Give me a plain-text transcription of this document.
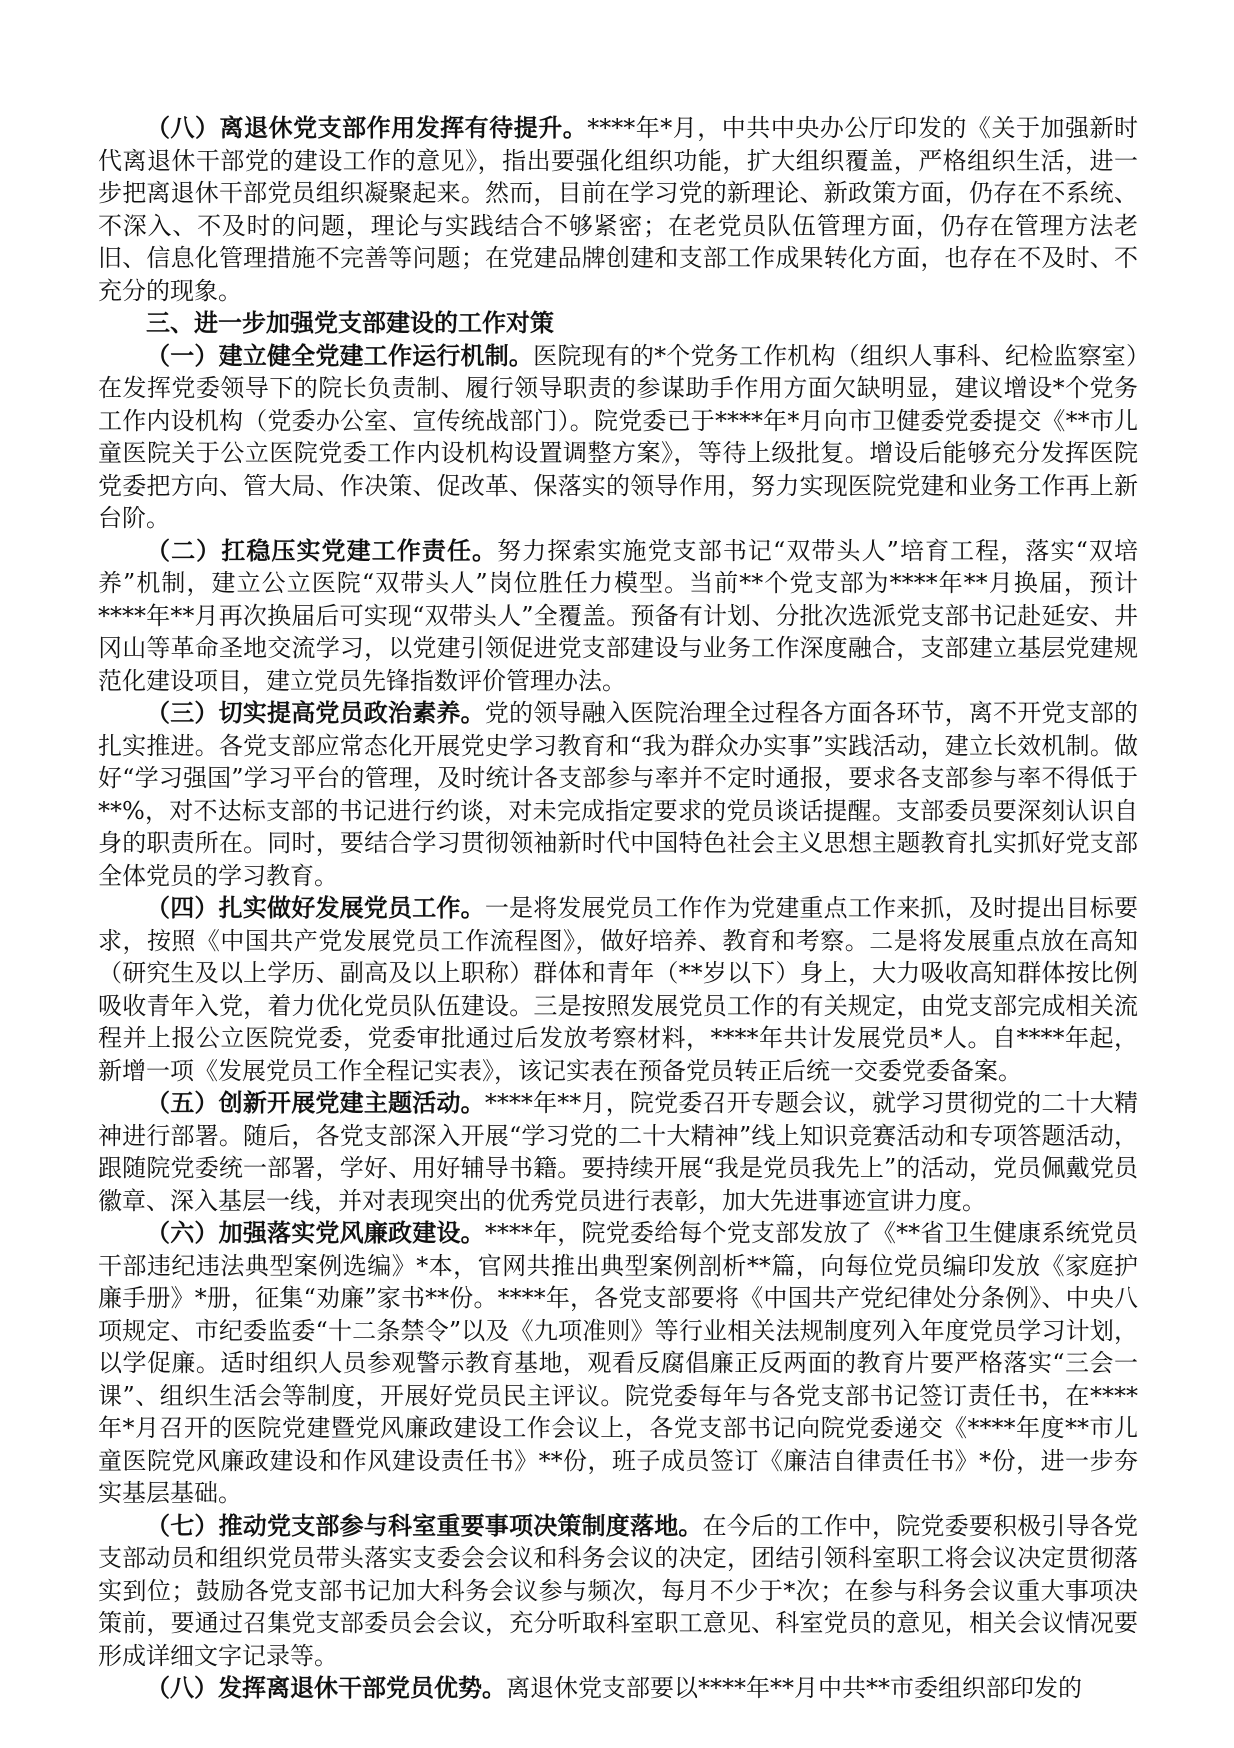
（八）离退休党支部作用发挥有待提升。****年*月，中共中央办公厅印发的《关于加强新时代离退休干部党的建设工作的意见》，指出要强化组织功能，扩大组织覆盖，严格组织生活，进一步把离退休干部党员组织凝聚起来。然而，目前在学习党的新理论、新政策方面，仍存在不系统、不深入、不及时的问题，理论与实践结合不够紧密；在老党员队伍管理方面，仍存在管理方法老旧、信息化管理措施不完善等问题；在党建品牌创建和支部工作成果转化方面，也存在不及时、不充分的现象。

三、进一步加强党支部建设的工作对策

（一）建立健全党建工作运行机制。医院现有的*个党务工作机构（组织人事科、纪检监察室）在发挥党委领导下的院长负责制、履行领导职责的参谋助手作用方面欠缺明显，建议增设*个党务工作内设机构（党委办公室、宣传统战部门）。院党委已于****年*月向市卫健委党委提交《**市儿童医院关于公立医院党委工作内设机构设置调整方案》，等待上级批复。增设后能够充分发挥医院党委把方向、管大局、作决策、促改革、保落实的领导作用，努力实现医院党建和业务工作再上新台阶。

（二）扛稳压实党建工作责任。努力探索实施党支部书记“双带头人”培育工程，落实“双培养”机制，建立公立医院“双带头人”岗位胜任力模型。当前**个党支部为****年**月换届，预计****年**月再次换届后可实现“双带头人”全覆盖。预备有计划、分批次选派党支部书记赴延安、井冈山等革命圣地交流学习，以党建引领促进党支部建设与业务工作深度融合，支部建立基层党建规范化建设项目，建立党员先锋指数评价管理办法。

（三）切实提高党员政治素养。党的领导融入医院治理全过程各方面各环节，离不开党支部的扎实推进。各党支部应常态化开展党史学习教育和“我为群众办实事”实践活动，建立长效机制。做好“学习强国”学习平台的管理，及时统计各支部参与率并不定时通报，要求各支部参与率不得低于**%，对不达标支部的书记进行约谈，对未完成指定要求的党员谈话提醒。支部委员要深刻认识自身的职责所在。同时，要结合学习贯彻领袖新时代中国特色社会主义思想主题教育扎实抓好党支部全体党员的学习教育。

（四）扎实做好发展党员工作。一是将发展党员工作作为党建重点工作来抓，及时提出目标要求，按照《中国共产党发展党员工作流程图》，做好培养、教育和考察。二是将发展重点放在高知（研究生及以上学历、副高及以上职称）群体和青年（**岁以下）身上，大力吸收高知群体按比例吸收青年入党，着力优化党员队伍建设。三是按照发展党员工作的有关规定，由党支部完成相关流程并上报公立医院党委，党委审批通过后发放考察材料，****年共计发展党员*人。自****年起，新增一项《发展党员工作全程记实表》，该记实表在预备党员转正后统一交委党委备案。

（五）创新开展党建主题活动。****年**月，院党委召开专题会议，就学习贯彻党的二十大精神进行部署。随后，各党支部深入开展“学习党的二十大精神”线上知识竞赛活动和专项答题活动，跟随院党委统一部署，学好、用好辅导书籍。要持续开展“我是党员我先上”的活动，党员佩戴党员徽章、深入基层一线，并对表现突出的优秀党员进行表彰，加大先进事迹宣讲力度。

（六）加强落实党风廉政建设。****年，院党委给每个党支部发放了《**省卫生健康系统党员干部违纪违法典型案例选编》*本，官网共推出典型案例剖析**篇，向每位党员编印发放《家庭护廉手册》*册，征集“劝廉”家书**份。****年，各党支部要将《中国共产党纪律处分条例》、中央八项规定、市纪委监委“十二条禁令”以及《九项准则》等行业相关法规制度列入年度党员学习计划，以学促廉。适时组织人员参观警示教育基地，观看反腐倡廉正反两面的教育片要严格落实“三会一课”、组织生活会等制度，开展好党员民主评议。院党委每年与各党支部书记签订责任书，在****年*月召开的医院党建暨党风廉政建设工作会议上，各党支部书记向院党委递交《****年度**市儿童医院党风廉政建设和作风建设责任书》**份，班子成员签订《廉洁自律责任书》*份，进一步夯实基层基础。

（七）推动党支部参与科室重要事项决策制度落地。在今后的工作中，院党委要积极引导各党支部动员和组织党员带头落实支委会会议和科务会议的决定，团结引领科室职工将会议决定贯彻落实到位；鼓励各党支部书记加大科务会议参与频次，每月不少于*次；在参与科务会议重大事项决策前，要通过召集党支部委员会会议，充分听取科室职工意见、科室党员的意见，相关会议情况要形成详细文字记录等。

（八）发挥离退休干部党员优势。离退休党支部要以****年**月中共**市委组织部印发的
